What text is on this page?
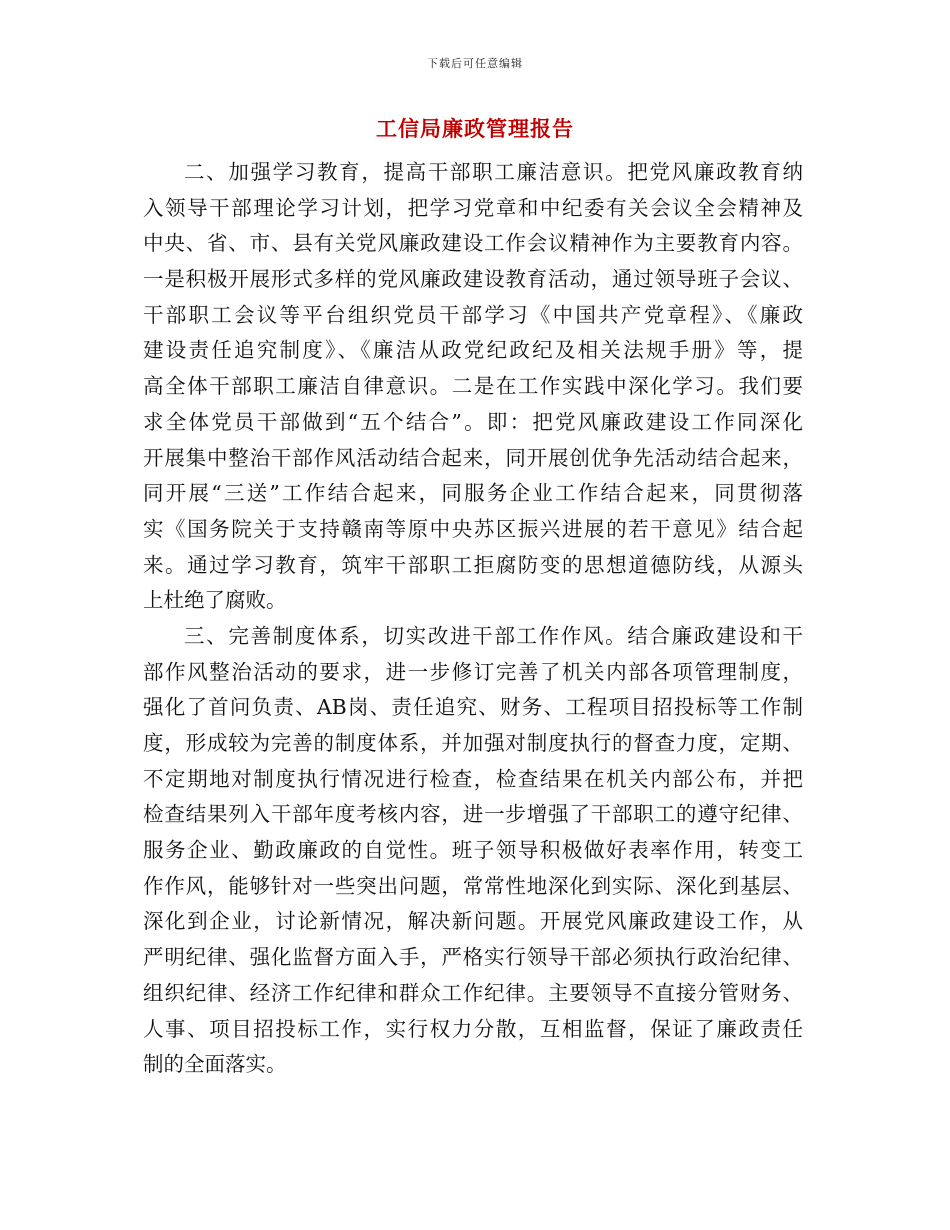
下载后可任意编辑
工信局廉政管理报告
二、加强学习教育，提高干部职工廉洁意识。把党风廉政教育纳
入领导干部理论学习计划，把学习党章和中纪委有关会议全会精神及
中央、省、市、县有关党风廉政建设工作会议精神作为主要教育内容。
一是积极开展形式多样的党风廉政建设教育活动，通过领导班子会议、
干部职工会议等平台组织党员干部学习《中国共产党章程》、《廉政
建设责任追究制度》、《廉洁从政党纪政纪及相关法规手册》等，提
高全体干部职工廉洁自律意识。二是在工作实践中深化学习。我们要
求全体党员干部做到“五个结合”。即：把党风廉政建设工作同深化
开展集中整治干部作风活动结合起来，同开展创优争先活动结合起来，
同开展“三送”工作结合起来，同服务企业工作结合起来，同贯彻落
实《国务院关于支持赣南等原中央苏区振兴进展的若干意见》结合起
来。通过学习教育，筑牢干部职工拒腐防变的思想道德防线，从源头
上杜绝了腐败。
三、完善制度体系，切实改进干部工作作风。结合廉政建设和干
部作风整治活动的要求，进一步修订完善了机关内部各项管理制度，
强化了首问负责、AB岗、责任追究、财务、工程项目招投标等工作制
度，形成较为完善的制度体系，并加强对制度执行的督查力度，定期、
不定期地对制度执行情况进行检查，检查结果在机关内部公布，并把
检查结果列入干部年度考核内容，进一步增强了干部职工的遵守纪律、
服务企业、勤政廉政的自觉性。班子领导积极做好表率作用，转变工
作作风，能够针对一些突出问题，常常性地深化到实际、深化到基层、
深化到企业，讨论新情况，解决新问题。开展党风廉政建设工作，从
严明纪律、强化监督方面入手，严格实行领导干部必须执行政治纪律、
组织纪律、经济工作纪律和群众工作纪律。主要领导不直接分管财务、
人事、项目招投标工作，实行权力分散，互相监督，保证了廉政责任
制的全面落实。
